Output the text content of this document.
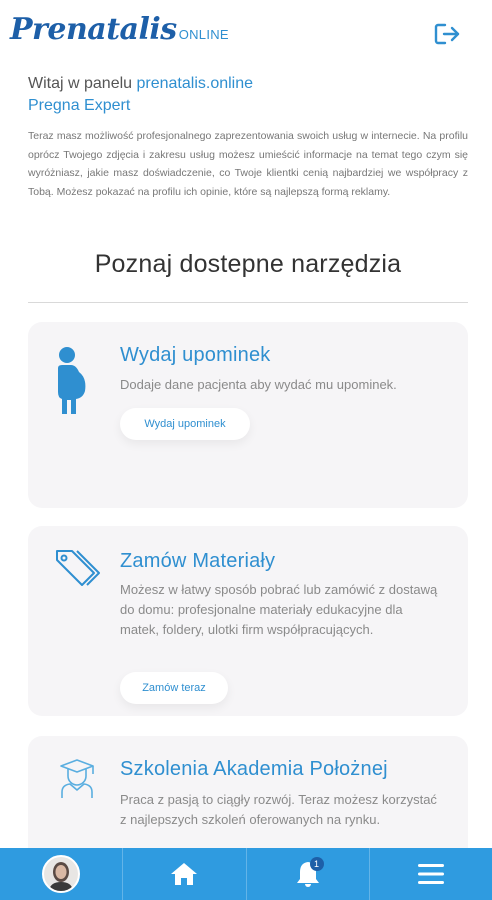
Prenatalis ONLINE
Witaj w panelu prenatalis.online
Pregna Expert
Teraz masz możliwość profesjonalnego zaprezentowania swoich usług w internecie. Na profilu oprócz Twojego zdjęcia i zakresu usług możesz umieścić informacje na temat tego czym się wyróżniasz, jakie masz doświadczenie, co Twoje klientki cenią najbardziej we współpracy z Tobą. Możesz pokazać na profilu ich opinie, które są najlepszą formą reklamy.
Poznaj dostepne narzędzia
Wydaj upominek
Dodaje dane pacjenta aby wydać mu upominek.
Wydaj upominek
Zamów Materiały
Możesz w łatwy sposób pobrać lub zamówić z dostawą do domu: profesjonalne materiały edukacyjne dla matek, foldery, ulotki firm współpracujących.
Zamów teraz
Szkolenia Akademia Położnej
Praca z pasją to ciągły rozwój. Teraz możesz korzystać z najlepszych szkoleń oferowanych na rynku.
1
